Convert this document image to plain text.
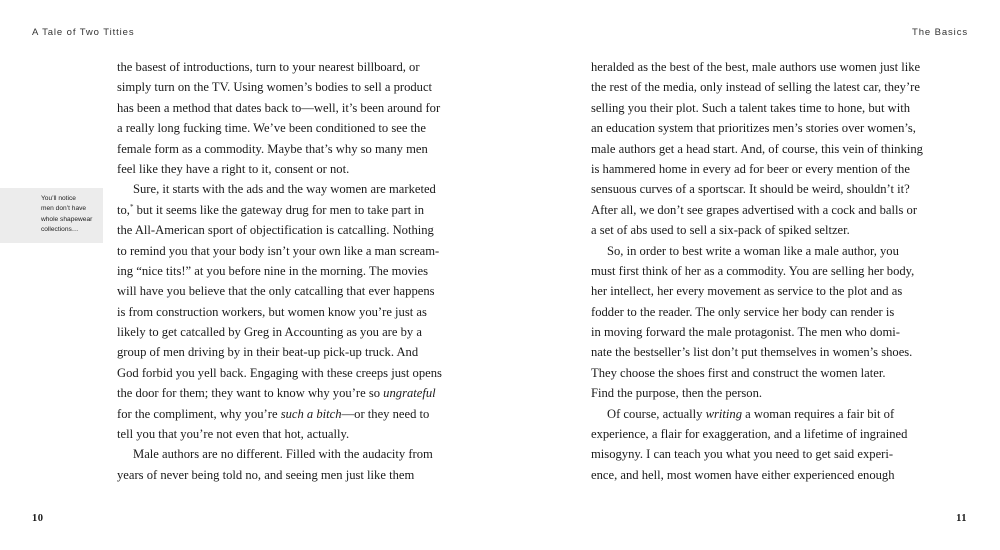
A Tale of Two Titties	The Basics
the basest of introductions, turn to your nearest billboard, or
simply turn on the TV. Using women’s bodies to sell a product
has been a method that dates back to—well, it’s been around for
a really long fucking time. We’ve been conditioned to see the
female form as a commodity. Maybe that’s why so many men
feel like they have a right to it, consent or not.
Sure, it starts with the ads and the way women are marketed
to,* but it seems like the gateway drug for men to take part in
the All-American sport of objectification is catcalling. Nothing
to remind you that your body isn’t your own like a man scream-
ing “nice tits!” at you before nine in the morning. The movies
will have you believe that the only catcalling that ever happens
is from construction workers, but women know you’re just as
likely to get catcalled by Greg in Accounting as you are by a
group of men driving by in their beat-up pick-up truck. And
God forbid you yell back. Engaging with these creeps just opens
the door for them; they want to know why you’re so ungrateful
for the compliment, why you’re such a bitch—or they need to
tell you that you’re not even that hot, actually.
Male authors are no different. Filled with the audacity from
years of never being told no, and seeing men just like them
heralded as the best of the best, male authors use women just like
the rest of the media, only instead of selling the latest car, they’re
selling you their plot. Such a talent takes time to hone, but with
an education system that prioritizes men’s stories over women’s,
male authors get a head start. And, of course, this vein of thinking
is hammered home in every ad for beer or every mention of the
sensuous curves of a sportscar. It should be weird, shouldn’t it?
After all, we don’t see grapes advertised with a cock and balls or
a set of abs used to sell a six-pack of spiked seltzer.
So, in order to best write a woman like a male author, you
must first think of her as a commodity. You are selling her body,
her intellect, her every movement as service to the plot and as
fodder to the reader. The only service her body can render is
in moving forward the male protagonist. The men who domi-
nate the bestseller’s list don’t put themselves in women’s shoes.
They choose the shoes first and construct the women later.
Find the purpose, then the person.
Of course, actually writing a woman requires a fair bit of
experience, a flair for exaggeration, and a lifetime of ingrained
misogyny. I can teach you what you need to get said experi-
ence, and hell, most women have either experienced enough
You’ll notice
men don’t have
whole shapewear
collections…
10	11
